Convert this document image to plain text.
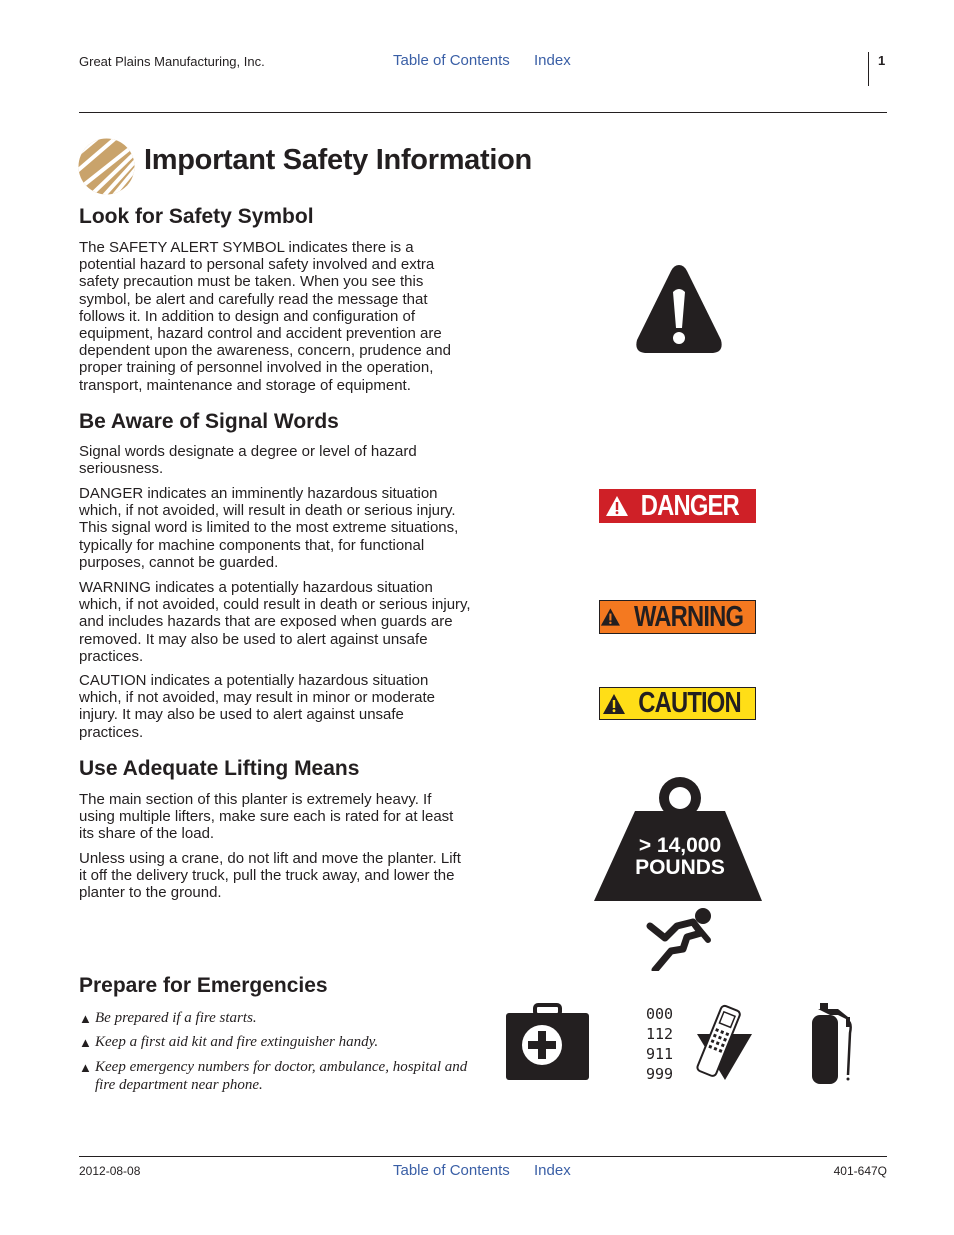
Great Plains Manufacturing, Inc.	Table of Contents Index	1
Important Safety Information
Look for Safety Symbol

The SAFETY ALERT SYMBOL indicates there is a potential hazard to personal safety involved and extra safety precaution must be taken. When you see this symbol, be alert and carefully read the message that follows it. In addition to design and configuration of equipment, hazard control and accident prevention are dependent upon the awareness, concern, prudence and proper training of personnel involved in the operation, transport, maintenance and storage of equipment.

Be Aware of Signal Words

Signal words designate a degree or level of hazard seriousness.

DANGER indicates an imminently hazardous situation which, if not avoided, will result in death or serious injury. This signal word is limited to the most extreme situations, typically for machine components that, for functional purposes, cannot be guarded.

WARNING indicates a potentially hazardous situation which, if not avoided, could result in death or serious injury, and includes hazards that are exposed when guards are removed. It may also be used to alert against unsafe practices.

CAUTION indicates a potentially hazardous situation which, if not avoided, may result in minor or moderate injury. It may also be used to alert against unsafe practices.

DANGER
WARNING
CAUTION
Use Adequate Lifting Means

The main section of this planter is extremely heavy. If using multiple lifters, make sure each is rated for at least its share of the load.

Unless using a crane, do not lift and move the planter. Lift it off the delivery truck, pull the truck away, and lower the planter to the ground.

> 14,000
POUNDS
Prepare for Emergencies
▲ Be prepared if a fire starts.
▲ Keep a first aid kit and fire extinguisher handy.
▲ Keep emergency numbers for doctor, ambulance, hospital and fire department near phone.
000
112
911
999
2012-08-08	Table of Contents Index	401-647Q
